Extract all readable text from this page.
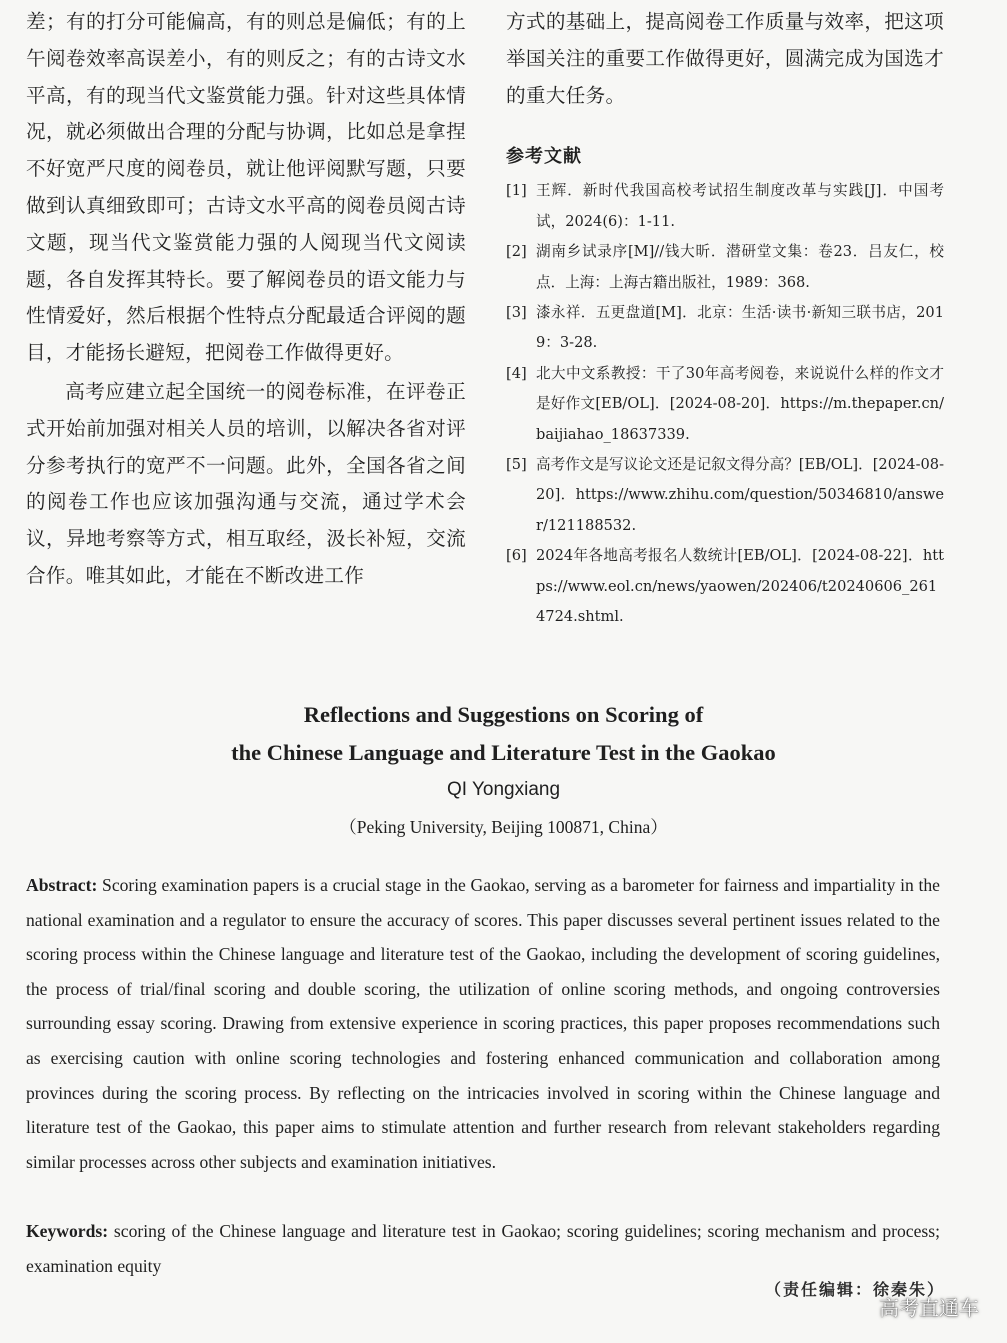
差；有的打分可能偏高，有的则总是偏低；有的上午阅卷效率高误差小，有的则反之；有的古诗文水平高，有的现当代文鉴赏能力强。针对这些具体情况，就必须做出合理的分配与协调，比如总是拿捏不好宽严尺度的阅卷员，就让他评阅默写题，只要做到认真细致即可；古诗文水平高的阅卷员阅古诗文题，现当代文鉴赏能力强的人阅现当代文阅读题，各自发挥其特长。要了解阅卷员的语文能力与性情爱好，然后根据个性特点分配最适合评阅的题目，才能扬长避短，把阅卷工作做得更好。

高考应建立起全国统一的阅卷标准，在评卷正式开始前加强对相关人员的培训，以解决各省对评分参考执行的宽严不一问题。此外，全国各省之间的阅卷工作也应该加强沟通与交流，通过学术会议，异地考察等方式，相互取经，汲长补短，交流合作。唯其如此，才能在不断改进工作

方式的基础上，提高阅卷工作质量与效率，把这项举国关注的重要工作做得更好，圆满完成为国选才的重大任务。

参考文献
[1] 王辉．新时代我国高校考试招生制度改革与实践[J]．中国考试，2024(6)：1-11.
[2] 湖南乡试录序[M]//钱大昕．潜研堂文集：卷23．吕友仁，校点．上海：上海古籍出版社，1989：368.
[3] 漆永祥．五更盘道[M]．北京：生活·读书·新知三联书店，2019：3-28.
[4] 北大中文系教授：干了30年高考阅卷，来说说什么样的作文才是好作文[EB/OL]．[2024-08-20]．https://m.thepaper.cn/baijiahao_18637339.
[5] 高考作文是写议论文还是记叙文得分高？[EB/OL]．[2024-08-20]．https://www.zhihu.com/question/50346810/answer/121188532.
[6] 2024年各地高考报名人数统计[EB/OL]．[2024-08-22]．https://www.eol.cn/news/yaowen/202406/t20240606_2614724.shtml.
Reflections and Suggestions on Scoring of
the Chinese Language and Literature Test in the Gaokao
QI Yongxiang
（Peking University, Beijing 100871, China）

Abstract: Scoring examination papers is a crucial stage in the Gaokao, serving as a barometer for fairness and impartiality in the national examination and a regulator to ensure the accuracy of scores. This paper discusses several pertinent issues related to the scoring process within the Chinese language and literature test of the Gaokao, including the development of scoring guidelines, the process of trial/final scoring and double scoring, the utilization of online scoring methods, and ongoing controversies surrounding essay scoring. Drawing from extensive experience in scoring practices, this paper proposes recommendations such as exercising caution with online scoring technologies and fostering enhanced communication and collaboration among provinces during the scoring process. By reflecting on the intricacies involved in scoring within the Chinese language and literature test of the Gaokao, this paper aims to stimulate attention and further research from relevant stakeholders regarding similar processes across other subjects and examination initiatives.

Keywords: scoring of the Chinese language and literature test in Gaokao; scoring guidelines; scoring mechanism and process; examination equity

（责任编辑：徐秦朱）
高考直通车
